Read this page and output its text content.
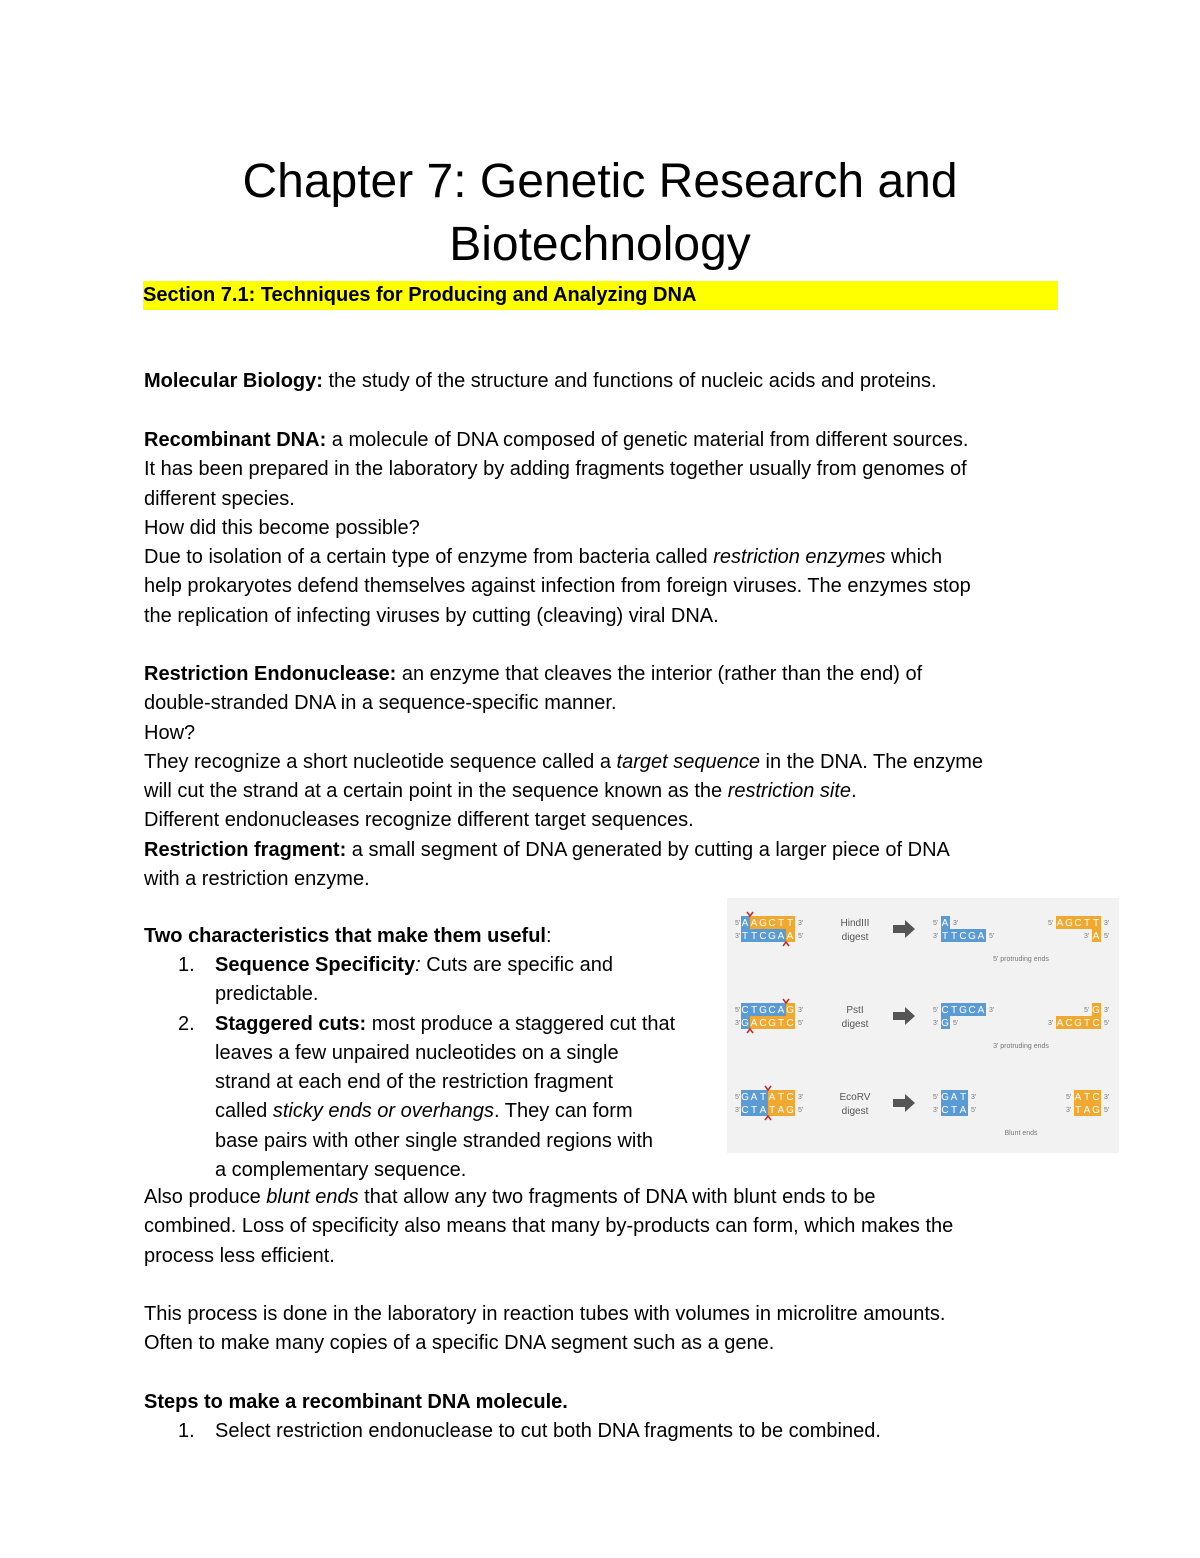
Chapter 7: Genetic Research and
Biotechnology
Section 7.1: Techniques for Producing and Analyzing DNA

Molecular Biology: the study of the structure and functions of nucleic acids and proteins.

Recombinant DNA: a molecule of DNA composed of genetic material from different sources.
It has been prepared in the laboratory by adding fragments together usually from genomes of
different species.
How did this become possible?
Due to isolation of a certain type of enzyme from bacteria called restriction enzymes which
help prokaryotes defend themselves against infection from foreign viruses. The enzymes stop
the replication of infecting viruses by cutting (cleaving) viral DNA.
Restriction Endonuclease: an enzyme that cleaves the interior (rather than the end) of
double-stranded DNA in a sequence-specific manner.
How?
They recognize a short nucleotide sequence called a target sequence in the DNA. The enzyme
will cut the strand at a certain point in the sequence known as the restriction site.
Different endonucleases recognize different target sequences.
Restriction fragment: a small segment of DNA generated by cutting a larger piece of DNA
with a restriction enzyme.
Two characteristics that make them useful:
1. Sequence Specificity: Cuts are specific and
predictable.
2. Staggered cuts: most produce a staggered cut that
leaves a few unpaired nucleotides on a single
strand at each end of the restriction fragment
called sticky ends or overhangs. They can form
base pairs with other single stranded regions with
a complementary sequence.
Also produce blunt ends that allow any two fragments of DNA with blunt ends to be
combined. Loss of specificity also means that many by-products can form, which makes the
process less efficient.
This process is done in the laboratory in reaction tubes with volumes in microlitre amounts.
Often to make many copies of a specific DNA segment such as a gene.
Steps to make a recombinant DNA molecule.
1. Select restriction endonuclease to cut both DNA fragments to be combined.
5'
3'
A A G C T T
T T C G A A
3'
5'
HindIII
digest
5'
3'
A
T T C G A
3'
5'
5'
3'
A G C T T
A
3'
5'
5' protruding ends
5'
3'
C T G C A G
G A C G T C
3'
5'
PstI
digest
5'
3'
C T G C A
G
3'
5'
5'
3'
G
A C G T C
3'
5'
3' protruding ends
5'
3'
G A T A T C
C T A T A G
3'
5'
EcoRV
digest
5'
3'
G A T
C T A
3'
5'
5'
3'
A T C
T A G
3'
5'
Blunt ends
